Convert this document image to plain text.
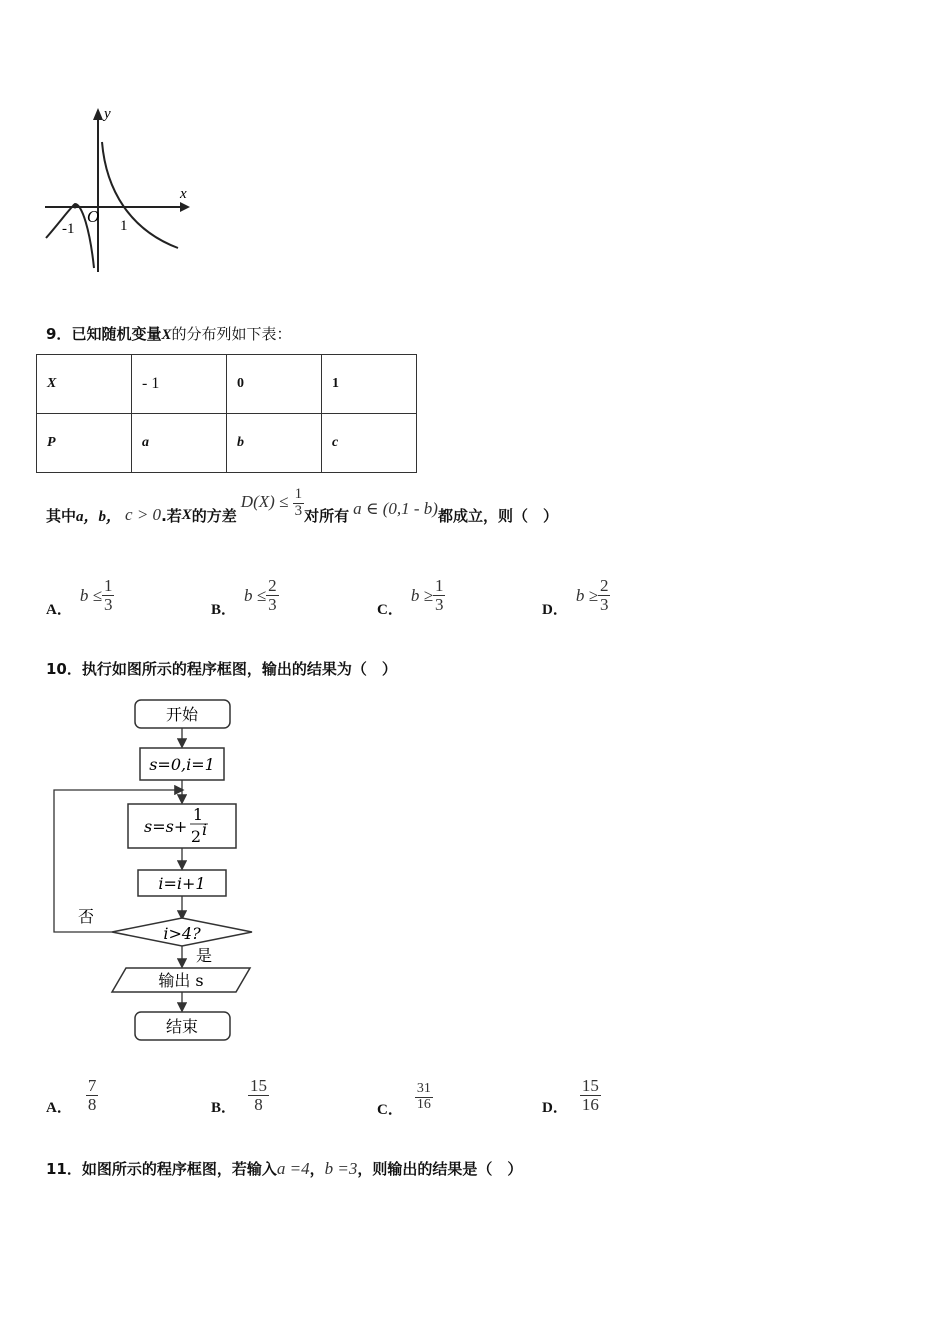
y
x
O
-1	1
9．已知随机变量X的分布列如下表：
X	- 1	0	1
P	a	b	c
其中 a，b， c > 0 .若 X 的方差
$D(X) \le \frac{1}{3}$ 对所有 a ∈ (0,1 - b) 都成立，则（　）
A．
$b \le \frac{1}{3}$	B．
$b \le \frac{2}{3}$	C．
$b \ge \frac{1}{3}$	D．
$b \ge \frac{2}{3}$
10．执行如图所示的程序框图，输出的结果为（　）
开始
s=0,i=1
s=s+
1
2 i
i=i+1
i>4?
否
是
输出 s
结束
A． $\frac{7}{8}$	B． $\frac{15}{8}$	C． $\frac{31}{16}$	D． $\frac{15}{16}$
11．如图所示的程序框图，若输入a =4，b =3，则输出的结果是（　）
